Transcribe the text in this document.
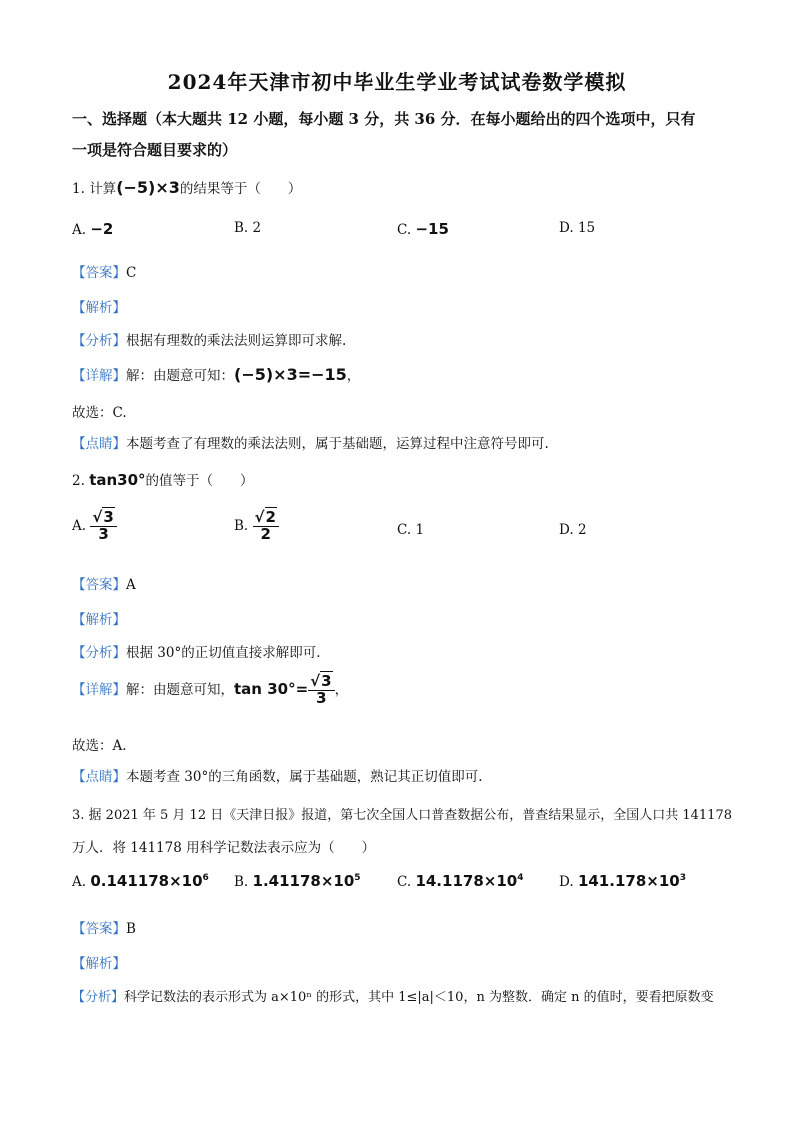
2024年天津市初中毕业生学业考试试卷数学模拟
一、选择题（本大题共 12 小题，每小题 3 分，共 36 分．在每小题给出的四个选项中，只有
一项是符合题目要求的）
1. 计算(−5)×3的结果等于（　　）
A. −2	B. 2	C. −15	D. 15
【答案】C
【解析】
【分析】根据有理数的乘法法则运算即可求解.
【详解】解：由题意可知：(−5)×3=−15，
故选：C.
【点睛】本题考查了有理数的乘法法则，属于基础题，运算过程中注意符号即可.
2. tan30°的值等于（　　）
A. $\frac{√3}{3}$	B. $\frac{√2}{2}$	C. 1	D. 2
【答案】A
【解析】
【分析】根据 30°的正切值直接求解即可.
【详解】解：由题意可知，$\tan 30^\circ= \frac{√3}{3}$ ，
故选：A.
【点睛】本题考查 30°的三角函数，属于基础题，熟记其正切值即可.
3. 据 2021 年 5 月 12 日《天津日报》报道，第七次全国人口普查数据公布，普查结果显示，全国人口共 141178
万人．将 141178 用科学记数法表示应为（　　）
A. $0.141178\times 10^6$ B. $1.41178\times 10^5$	C. $14.1178\times 10^4$	D. $141.178\times 10^3$
【答案】B
【解析】
【分析】科学记数法的表示形式为 a×10ⁿ 的形式，其中 1≤|a|＜10，n 为整数．确定 n 的值时，要看把原数变
